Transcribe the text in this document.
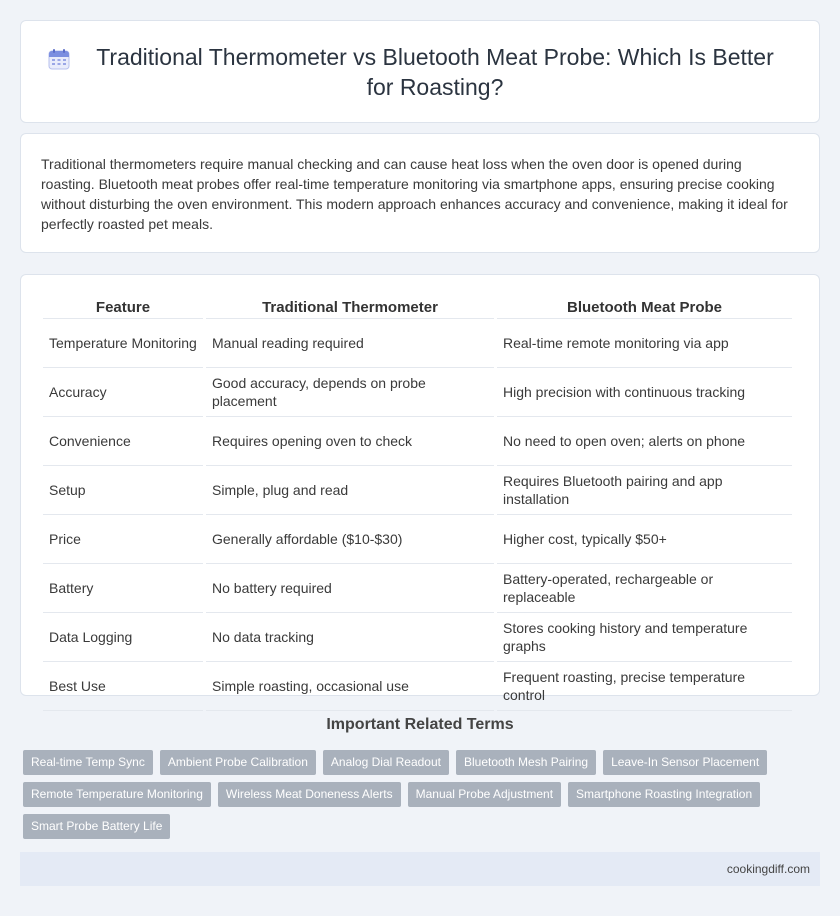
Traditional Thermometer vs Bluetooth Meat Probe: Which Is Better for Roasting?

Traditional thermometers require manual checking and can cause heat loss when the oven door is opened during roasting. Bluetooth meat probes offer real-time temperature monitoring via smartphone apps, ensuring precise cooking without disturbing the oven environment. This modern approach enhances accuracy and convenience, making it ideal for perfectly roasted pet meals.

Feature	Traditional Thermometer	Bluetooth Meat Probe
Temperature Monitoring	Manual reading required	Real-time remote monitoring via app
Accuracy	Good accuracy, depends on probe placement	High precision with continuous tracking
Convenience	Requires opening oven to check	No need to open oven; alerts on phone
Setup	Simple, plug and read	Requires Bluetooth pairing and app installation
Price	Generally affordable ($10-$30)	Higher cost, typically $50+
Battery	No battery required	Battery-operated, rechargeable or replaceable
Data Logging	No data tracking	Stores cooking history and temperature graphs
Best Use	Simple roasting, occasional use	Frequent roasting, precise temperature control
Important Related Terms
Real-time Temp Sync	Ambient Probe Calibration	Analog Dial Readout	Bluetooth Mesh Pairing	Leave-In Sensor Placement
Remote Temperature Monitoring	Wireless Meat Doneness Alerts	Manual Probe Adjustment	Smartphone Roasting Integration
Smart Probe Battery Life
cookingdiff.com
